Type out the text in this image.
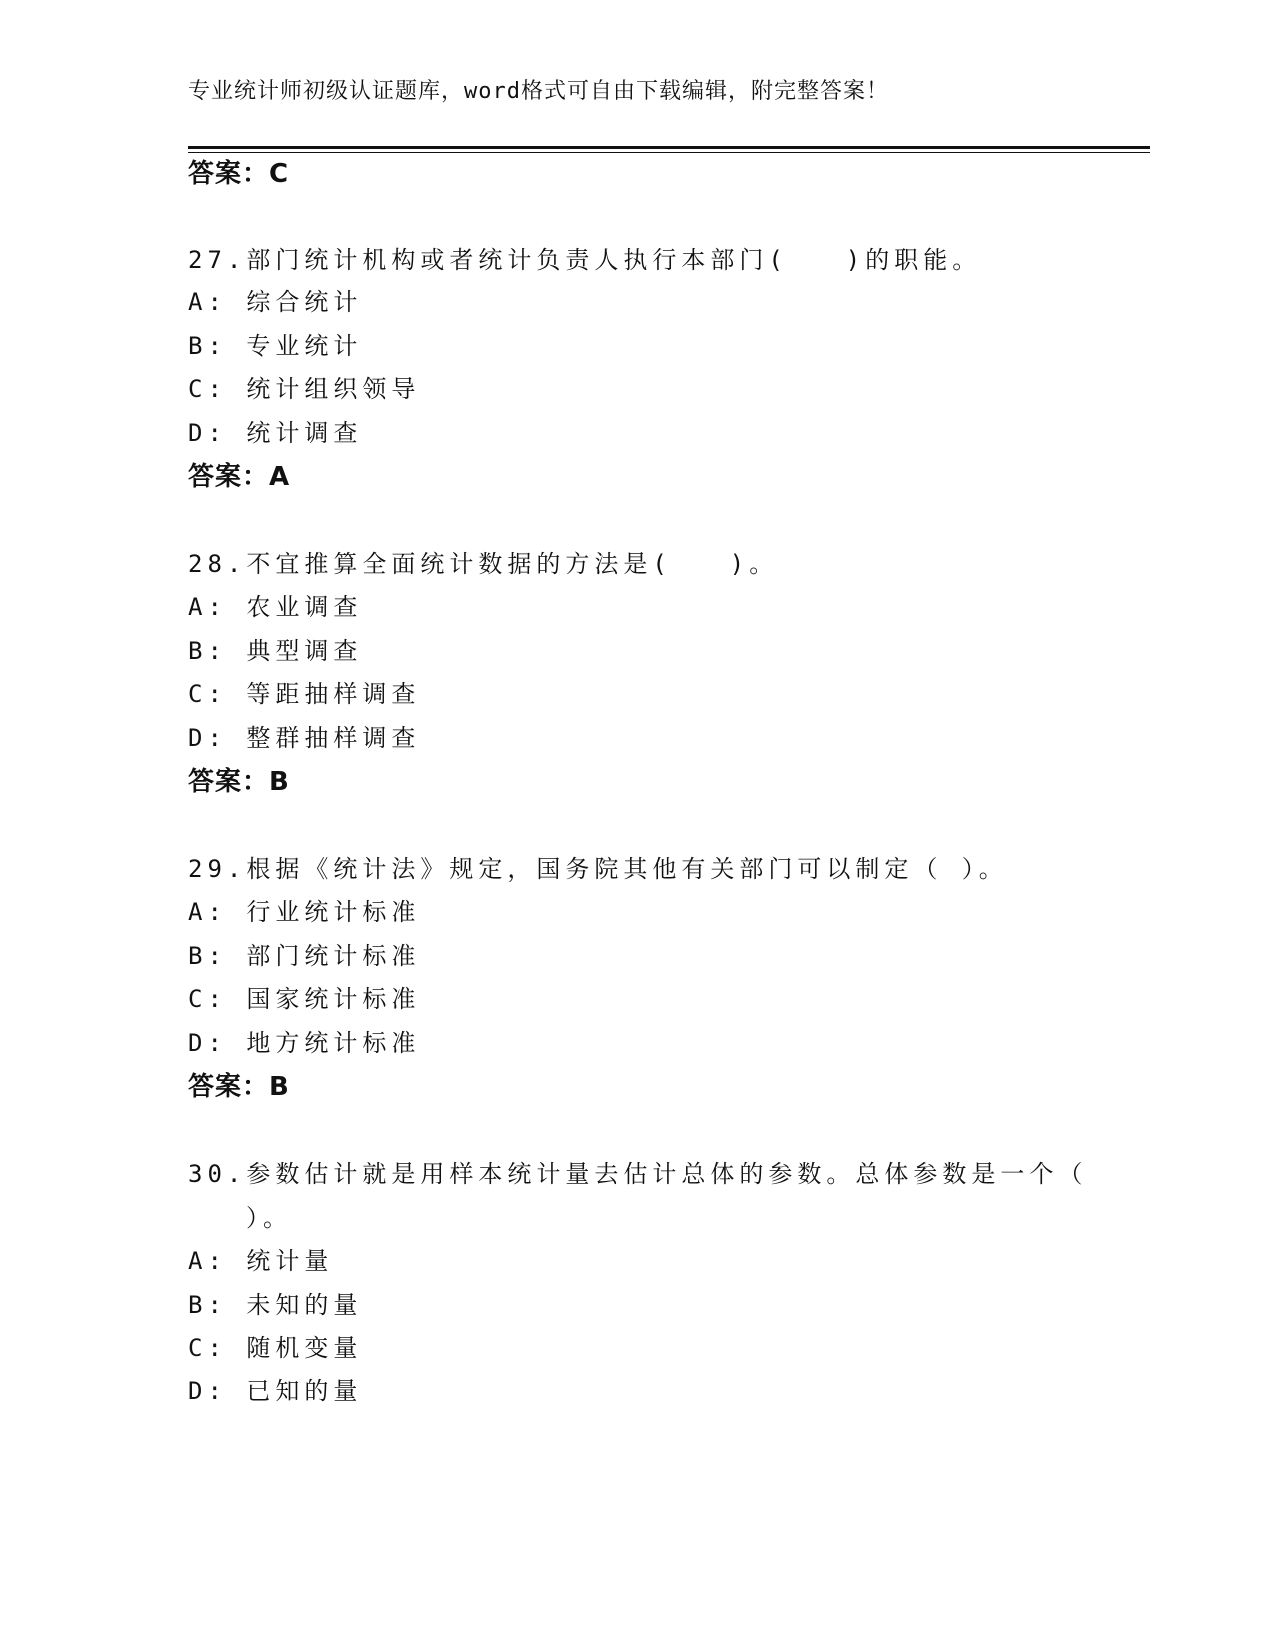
专业统计师初级认证题库，word格式可自由下载编辑，附完整答案！
答案：C
27.部门统计机构或者统计负责人执行本部门(　　)的职能。
A: 综合统计
B: 专业统计
C: 统计组织领导
D: 统计调查
答案：A
28.不宜推算全面统计数据的方法是(　　)。
A: 农业调查
B: 典型调查
C: 等距抽样调查
D: 整群抽样调查
答案：B
29.根据《统计法》规定，国务院其他有关部门可以制定（ ）。
A: 行业统计标准
B: 部门统计标准
C: 国家统计标准
D: 地方统计标准
答案：B
30.参数估计就是用样本统计量去估计总体的参数。总体参数是一个（
　　）。
A: 统计量
B: 未知的量
C: 随机变量
D: 已知的量
